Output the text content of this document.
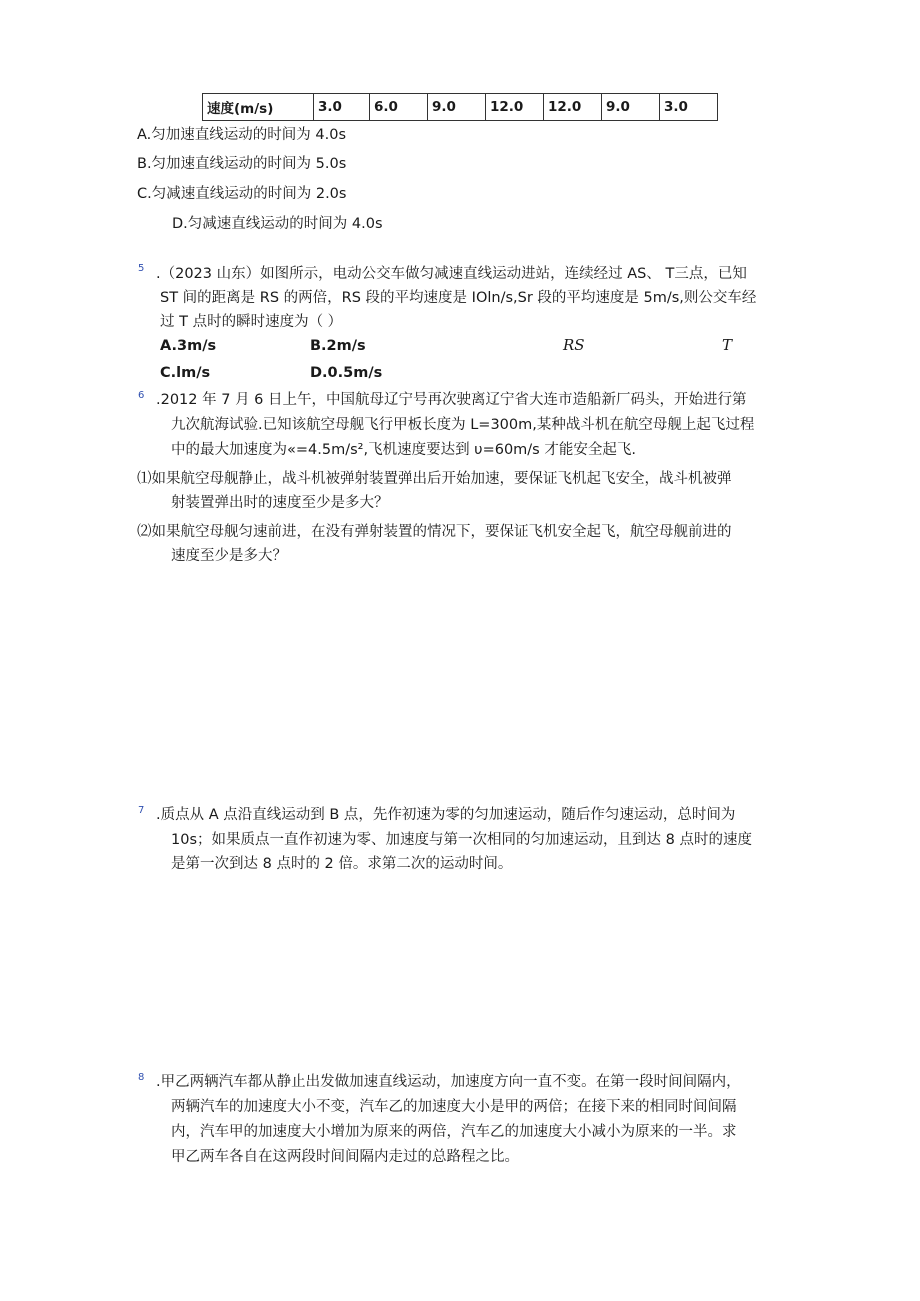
速度(m/s)	3.0	6.0	9.0	12.0	12.0	9.0	3.0
A.匀加速直线运动的时间为 4.0s
B.匀加速直线运动的时间为 5.0s
C.匀减速直线运动的时间为 2.0s
D.匀减速直线运动的时间为 4.0s
5 .（2023 山东）如图所示，电动公交车做匀减速直线运动进站，连续经过 AS、 T三点，已知
ST 间的距离是 RS 的两倍，RS 段的平均速度是 IOln/s,Sr 段的平均速度是 5m/s,则公交车经
过 T 点时的瞬时速度为（ ）
A.3m/s	B.2m/s	RS	T
C.lm/s	D.0.5m/s
6 .2012 年 7 月 6 日上午，中国航母辽宁号再次驶离辽宁省大连市造船新厂码头，开始进行第
九次航海试验.已知该航空母舰飞行甲板长度为 L=300m,某种战斗机在航空母舰上起飞过程
中的最大加速度为«=4.5m/s²,飞机速度要达到 υ=60m/s 才能安全起飞.
⑴如果航空母舰静止，战斗机被弹射装置弹出后开始加速，要保证飞机起飞安全，战斗机被弹
射装置弹出时的速度至少是多大？
⑵如果航空母舰匀速前进，在没有弹射装置的情况下，要保证飞机安全起飞，航空母舰前进的
速度至少是多大？
7 .质点从 A 点沿直线运动到 B 点，先作初速为零的匀加速运动，随后作匀速运动，总时间为
10s；如果质点一直作初速为零、加速度与第一次相同的匀加速运动，且到达 8 点时的速度
是第一次到达 8 点时的 2 倍。求第二次的运动时间。
8 .甲乙两辆汽车都从静止出发做加速直线运动，加速度方向一直不变。在第一段时间间隔内，
两辆汽车的加速度大小不变，汽车乙的加速度大小是甲的两倍；在接下来的相同时间间隔
内，汽车甲的加速度大小增加为原来的两倍，汽车乙的加速度大小减小为原来的一半。求
甲乙两车各自在这两段时间间隔内走过的总路程之比。
